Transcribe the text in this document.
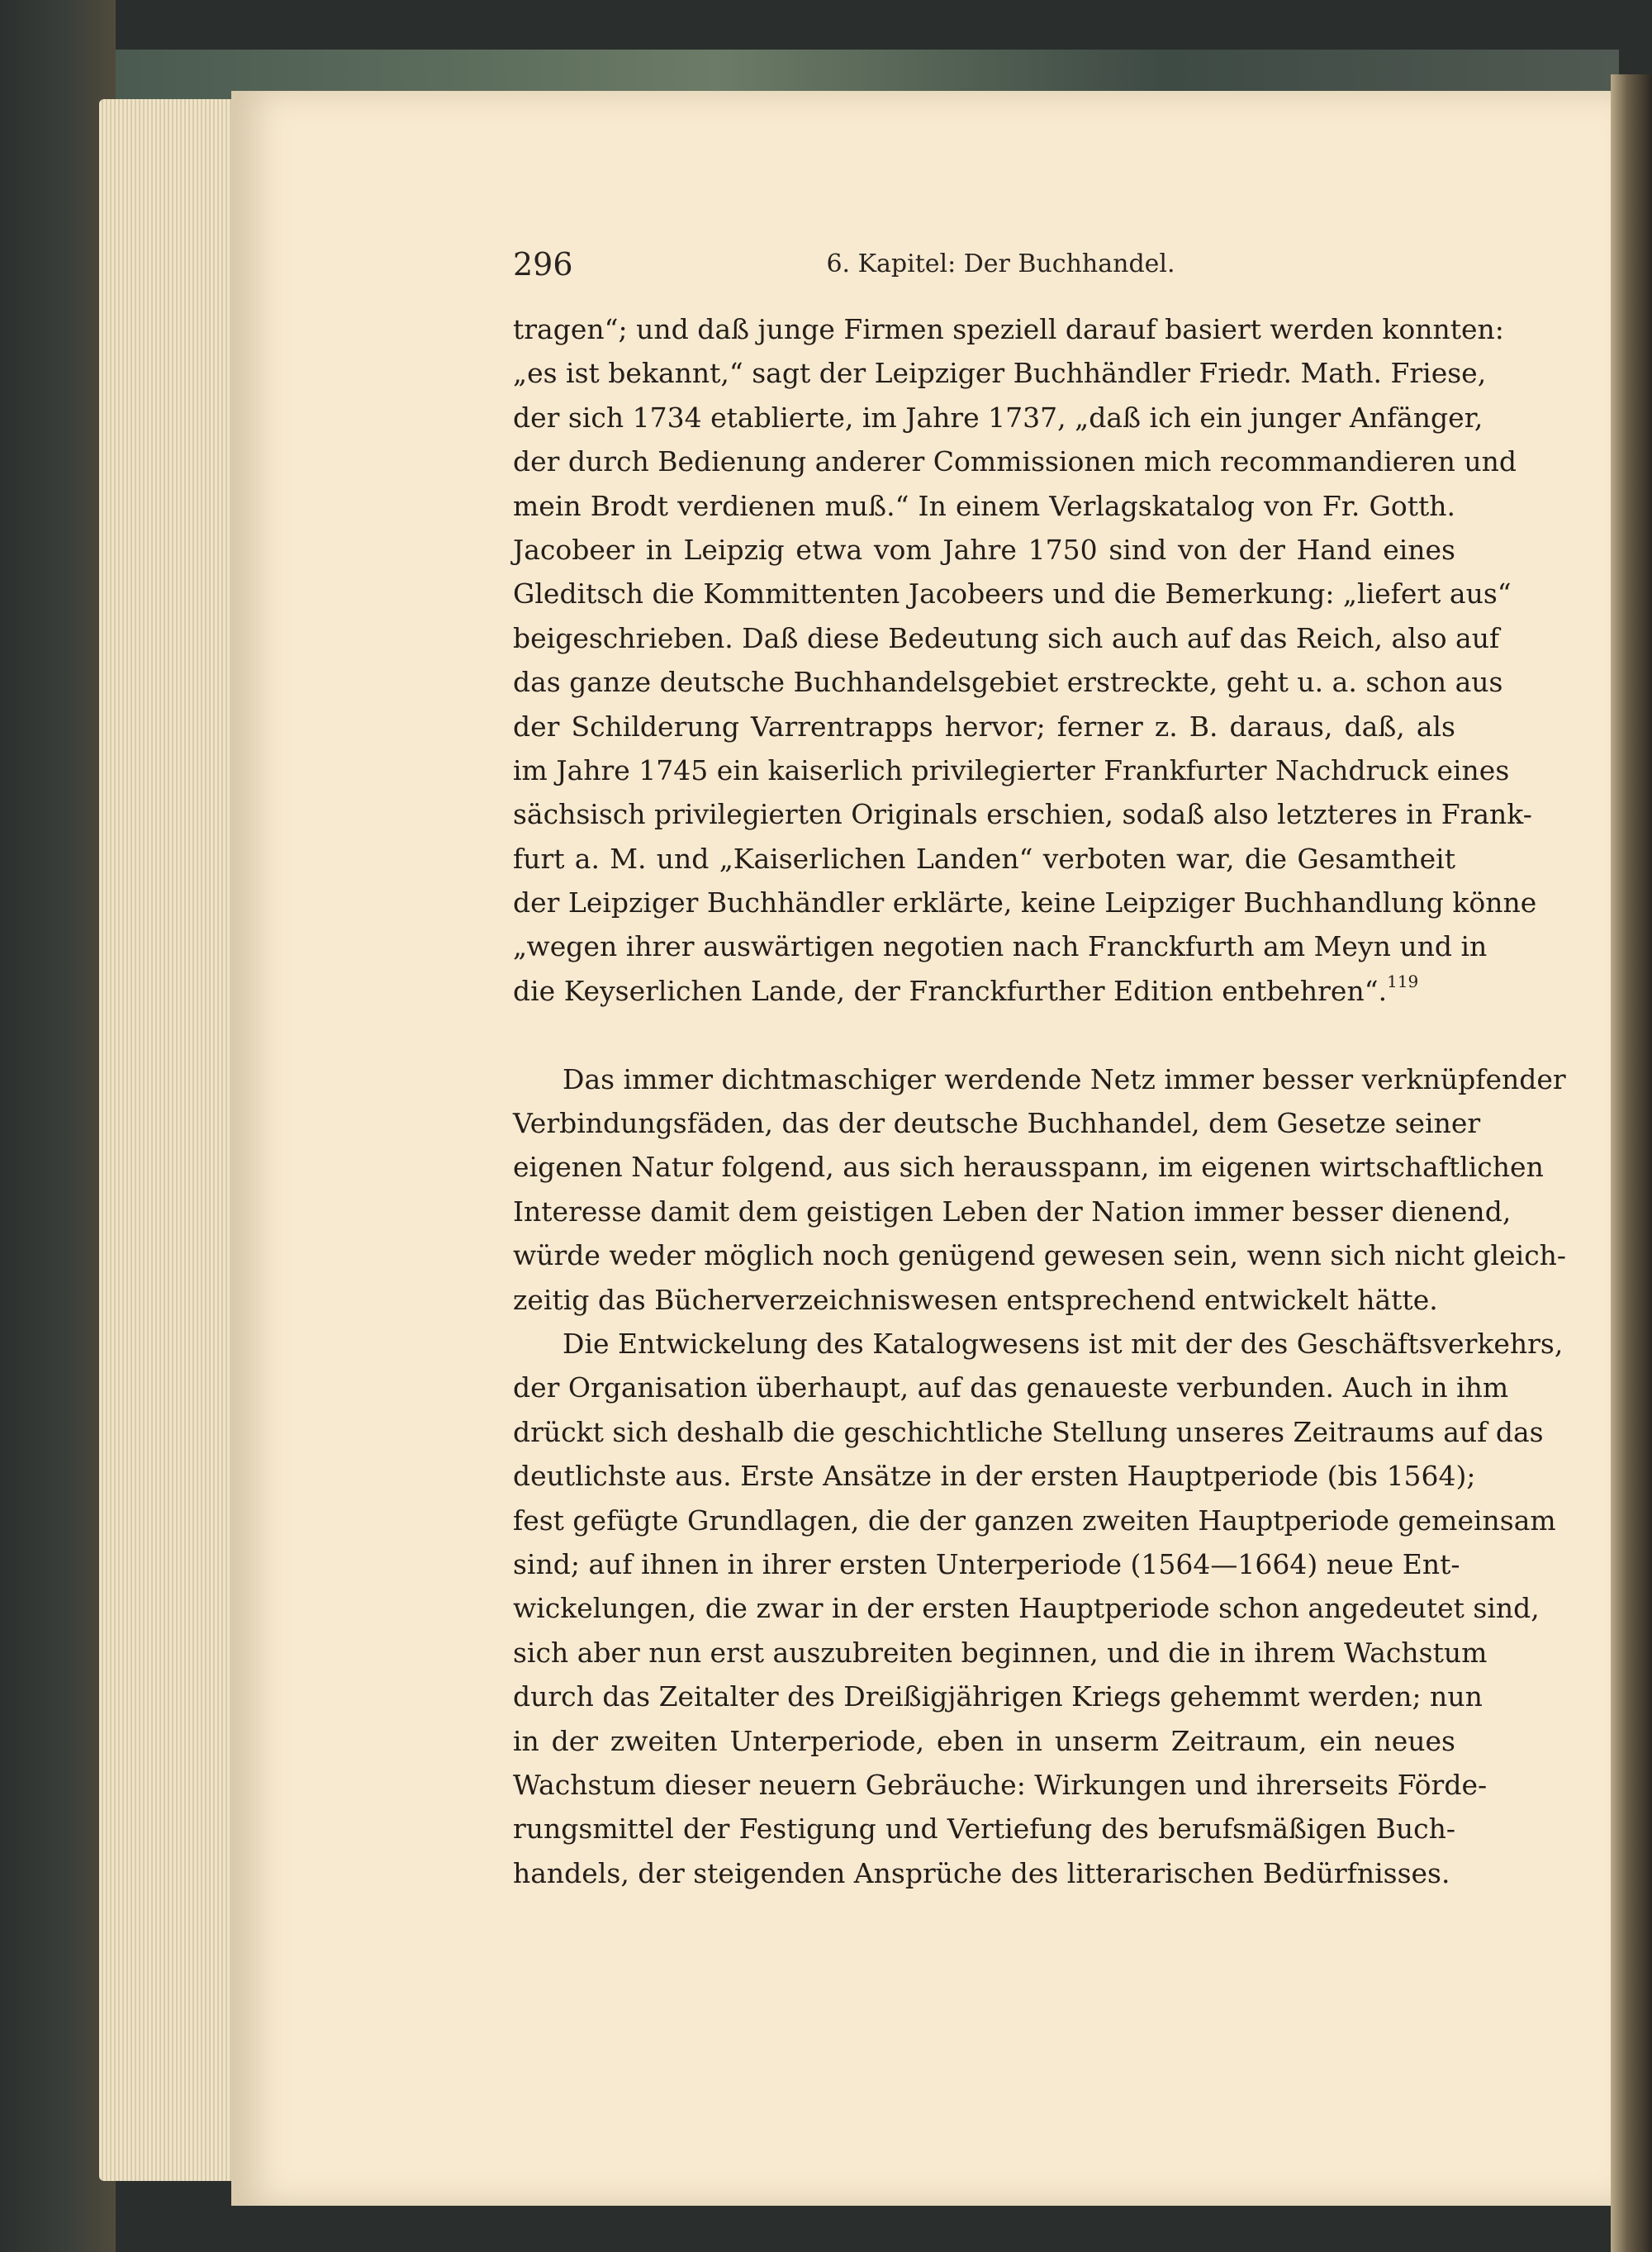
296	6. Kapitel: Der Buchhandel.
tragen“; und daß junge Firmen speziell darauf basiert werden konnten:
„es ist bekannt,“ sagt der Leipziger Buchhändler Friedr. Math. Friese,
der sich 1734 etablierte, im Jahre 1737, „daß ich ein junger Anfänger,
der durch Bedienung anderer Commissionen mich recommandieren und
mein Brodt verdienen muß.“ In einem Verlagskatalog von Fr. Gotth.
Jacobeer in Leipzig etwa vom Jahre 1750 sind von der Hand eines
Gleditsch die Kommittenten Jacobeers und die Bemerkung: „liefert aus“
beigeschrieben. Daß diese Bedeutung sich auch auf das Reich, also auf
das ganze deutsche Buchhandelsgebiet erstreckte, geht u. a. schon aus
der Schilderung Varrentrapps hervor; ferner z. B. daraus, daß, als
im Jahre 1745 ein kaiserlich privilegierter Frankfurter Nachdruck eines
sächsisch privilegierten Originals erschien, sodaß also letzteres in Frank-
furt a. M. und „Kaiserlichen Landen“ verboten war, die Gesamtheit
der Leipziger Buchhändler erklärte, keine Leipziger Buchhandlung könne
„wegen ihrer auswärtigen negotien nach Franckfurth am Meyn und in
die Keyserlichen Lande, der Franckfurther Edition entbehren“.$^{119}$
Das immer dichtmaschiger werdende Netz immer besser verknüpfender
Verbindungsfäden, das der deutsche Buchhandel, dem Gesetze seiner
eigenen Natur folgend, aus sich herausspann, im eigenen wirtschaftlichen
Interesse damit dem geistigen Leben der Nation immer besser dienend,
würde weder möglich noch genügend gewesen sein, wenn sich nicht gleich-
zeitig das Bücherverzeichniswesen entsprechend entwickelt hätte.
Die Entwickelung des Katalogwesens ist mit der des Geschäftsverkehrs,
der Organisation überhaupt, auf das genaueste verbunden. Auch in ihm
drückt sich deshalb die geschichtliche Stellung unseres Zeitraums auf das
deutlichste aus. Erste Ansätze in der ersten Hauptperiode (bis 1564);
fest gefügte Grundlagen, die der ganzen zweiten Hauptperiode gemeinsam
sind; auf ihnen in ihrer ersten Unterperiode (1564—1664) neue Ent-
wickelungen, die zwar in der ersten Hauptperiode schon angedeutet sind,
sich aber nun erst auszubreiten beginnen, und die in ihrem Wachstum
durch das Zeitalter des Dreißigjährigen Kriegs gehemmt werden; nun
in der zweiten Unterperiode, eben in unserm Zeitraum, ein neues
Wachstum dieser neuern Gebräuche: Wirkungen und ihrerseits Förde-
rungsmittel der Festigung und Vertiefung des berufsmäßigen Buch-
handels, der steigenden Ansprüche des litterarischen Bedürfnisses.
